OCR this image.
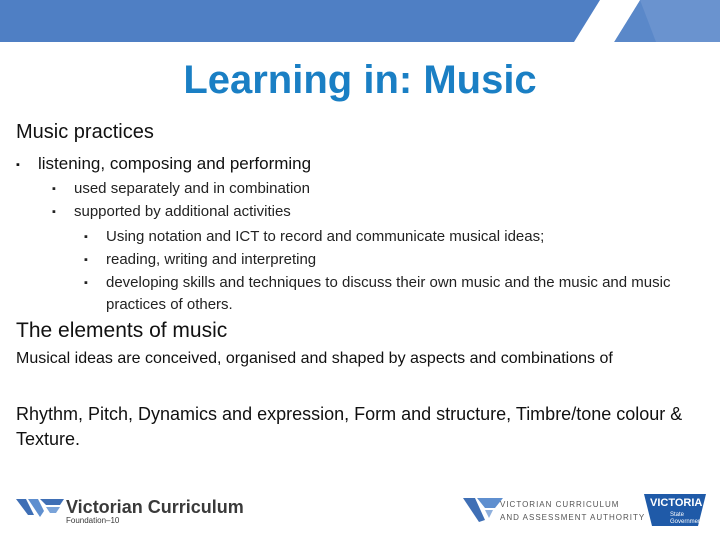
Learning in: Music
Music practices
▪ listening, composing and performing
▪ used separately and in combination
▪ supported by additional activities
▪ Using notation and ICT to record and communicate musical ideas;
▪ reading, writing and interpreting
▪ developing skills and techniques to discuss their own music and the music and music practices of others.
The elements of music
Musical ideas are conceived, organised and shaped by aspects and combinations of
Rhythm, Pitch, Dynamics and expression, Form and structure, Timbre/tone colour & Texture.
Victorian Curriculum
Foundation–10
VICTORIAN CURRICULUM
AND ASSESSMENT AUTHORITY
VICTORIA
State
Government
